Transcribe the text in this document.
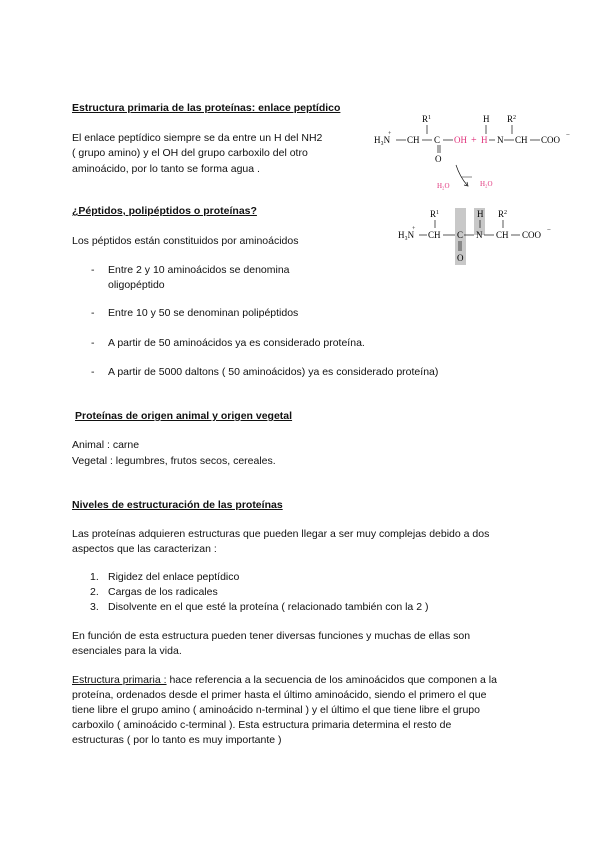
Estructura primaria de las proteínas: enlace peptídico
El enlace peptídico siempre se da entre un H del NH2
( grupo amino) y el OH del grupo carboxilo del otro
aminoácido, por lo tanto se forma agua .
$R^1$	$R^2$
H
H₃N
+
CH C
O
OH + H N CH COO −
H₂O	H₂O
$R^1$	H $R^2$
H₃N
+
CH C
O
N CH COO −
¿Péptidos, polipéptidos o proteínas?
Los péptidos están constituidos por aminoácidos
- Entre 2 y 10 aminoácidos se denomina
oligopéptido
- Entre 10 y 50 se denominan polipéptidos
- A partir de 50 aminoácidos ya es considerado proteína.
- A partir de 5000 daltons ( 50 aminoácidos) ya es considerado proteína)
Proteínas de origen animal y origen vegetal
Animal : carne
Vegetal : legumbres, frutos secos, cereales.
Niveles de estructuración de las proteínas
Las proteínas adquieren estructuras que pueden llegar a ser muy complejas debido a dos
aspectos que las caracterizan :
1. Rigidez del enlace peptídico
2. Cargas de los radicales
3. Disolvente en el que esté la proteína ( relacionado también con la 2 )
En función de esta estructura pueden tener diversas funciones y muchas de ellas son
esenciales para la vida.
Estructura primaria : hace referencia a la secuencia de los aminoácidos que componen a la
proteína, ordenados desde el primer hasta el último aminoácido, siendo el primero el que
tiene libre el grupo amino ( aminoácido n-terminal ) y el último el que tiene libre el grupo
carboxilo ( aminoácido c-terminal ). Esta estructura primaria determina el resto de
estructuras ( por lo tanto es muy importante )
